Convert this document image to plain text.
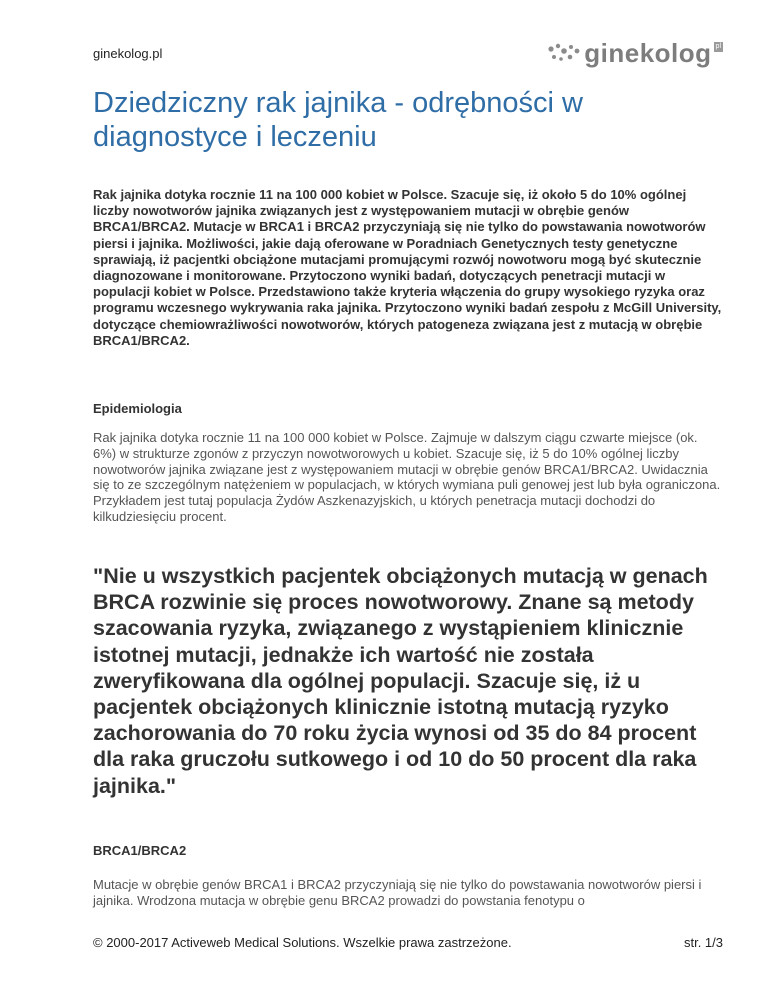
ginekolog.pl	ginekolog pl
Dziedziczny rak jajnika - odrębności w diagnostyce i leczeniu

Rak jajnika dotyka rocznie 11 na 100 000 kobiet w Polsce. Szacuje się, iż około 5 do 10% ogólnej liczby nowotworów jajnika związanych jest z występowaniem mutacji w obrębie genów BRCA1/BRCA2. Mutacje w BRCA1 i BRCA2 przyczyniają się nie tylko do powstawania nowotworów piersi i jajnika. Możliwości, jakie dają oferowane w Poradniach Genetycznych testy genetyczne sprawiają, iż pacjentki obciążone mutacjami promującymi rozwój nowotworu mogą być skutecznie diagnozowane i monitorowane. Przytoczono wyniki badań, dotyczących penetracji mutacji w populacji kobiet w Polsce. Przedstawiono także kryteria włączenia do grupy wysokiego ryzyka oraz programu wczesnego wykrywania raka jajnika. Przytoczono wyniki badań zespołu z McGill University, dotyczące chemiowrażliwości nowotworów, których patogeneza związana jest z mutacją w obrębie BRCA1/BRCA2.

Epidemiologia

Rak jajnika dotyka rocznie 11 na 100 000 kobiet w Polsce. Zajmuje w dalszym ciągu czwarte miejsce (ok. 6%) w strukturze zgonów z przyczyn nowotworowych u kobiet. Szacuje się, iż 5 do 10% ogólnej liczby nowotworów jajnika związane jest z występowaniem mutacji w obrębie genów BRCA1/BRCA2. Uwidacznia się to ze szczególnym natężeniem w populacjach, w których wymiana puli genowej jest lub była ograniczona. Przykładem jest tutaj populacja Żydów Aszkenazyjskich, u których penetracja mutacji dochodzi do kilkudziesięciu procent.

"Nie u wszystkich pacjentek obciążonych mutacją w genach BRCA rozwinie się proces nowotworowy. Znane są metody szacowania ryzyka, związanego z wystąpieniem klinicznie istotnej mutacji, jednakże ich wartość nie została zweryfikowana dla ogólnej populacji. Szacuje się, iż u pacjentek obciążonych klinicznie istotną mutacją ryzyko zachorowania do 70 roku życia wynosi od 35 do 84 procent dla raka gruczołu sutkowego i od 10 do 50 procent dla raka jajnika."
BRCA1/BRCA2

Mutacje w obrębie genów BRCA1 i BRCA2 przyczyniają się nie tylko do powstawania nowotworów piersi i jajnika. Wrodzona mutacja w obrębie genu BRCA2 prowadzi do powstania fenotypu o

© 2000-2017 Activeweb Medical Solutions. Wszelkie prawa zastrzeżone.	str. 1/3
